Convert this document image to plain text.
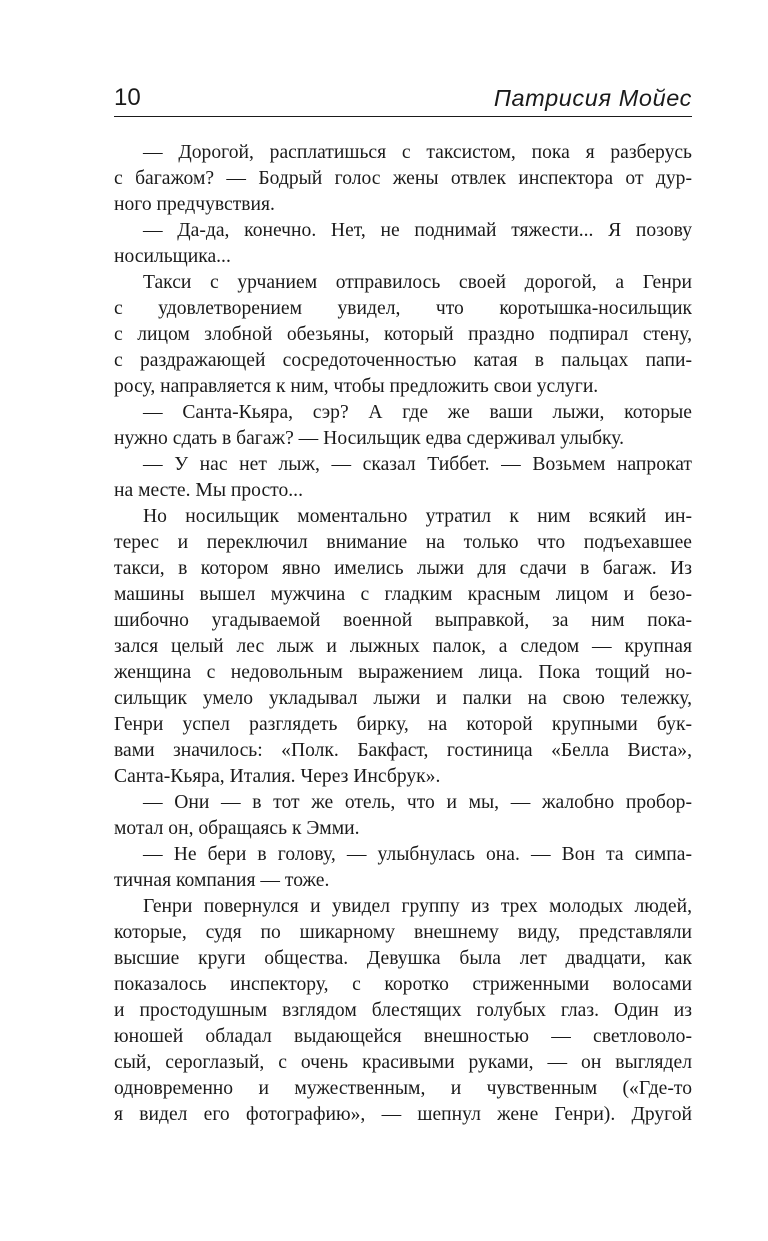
10	Патрисия Мойес
— Дорогой, расплатишься с таксистом, пока я разберусь
с багажом? — Бодрый голос жены отвлек инспектора от дур-
ного предчувствия.
— Да-да, конечно. Нет, не поднимай тяжести... Я позову
носильщика...
Такси с урчанием отправилось своей дорогой, а Генри
с удовлетворением увидел, что коротышка-носильщик
с лицом злобной обезьяны, который праздно подпирал стену,
с раздражающей сосредоточенностью катая в пальцах папи-
росу, направляется к ним, чтобы предложить свои услуги.
— Санта-Кьяра, сэр? А где же ваши лыжи, которые
нужно сдать в багаж? — Носильщик едва сдерживал улыбку.
— У нас нет лыж, — сказал Тиббет. — Возьмем напрокат
на месте. Мы просто...
Но носильщик моментально утратил к ним всякий ин-
терес и переключил внимание на только что подъехавшее
такси, в котором явно имелись лыжи для сдачи в багаж. Из
машины вышел мужчина с гладким красным лицом и безо-
шибочно угадываемой военной выправкой, за ним пока-
зался целый лес лыж и лыжных палок, а следом — крупная
женщина с недовольным выражением лица. Пока тощий но-
сильщик умело укладывал лыжи и палки на свою тележку,
Генри успел разглядеть бирку, на которой крупными бук-
вами значилось: «Полк. Бакфаст, гостиница «Белла Виста»,
Санта-Кьяра, Италия. Через Инсбрук».
— Они — в тот же отель, что и мы, — жалобно пробор-
мотал он, обращаясь к Эмми.
— Не бери в голову, — улыбнулась она. — Вон та симпа-
тичная компания — тоже.
Генри повернулся и увидел группу из трех молодых людей,
которые, судя по шикарному внешнему виду, представляли
высшие круги общества. Девушка была лет двадцати, как
показалось инспектору, с коротко стриженными волосами
и простодушным взглядом блестящих голубых глаз. Один из
юношей обладал выдающейся внешностью — светловоло-
сый, сероглазый, с очень красивыми руками, — он выглядел
одновременно и мужественным, и чувственным («Где-то
я видел его фотографию», — шепнул жене Генри). Другой
